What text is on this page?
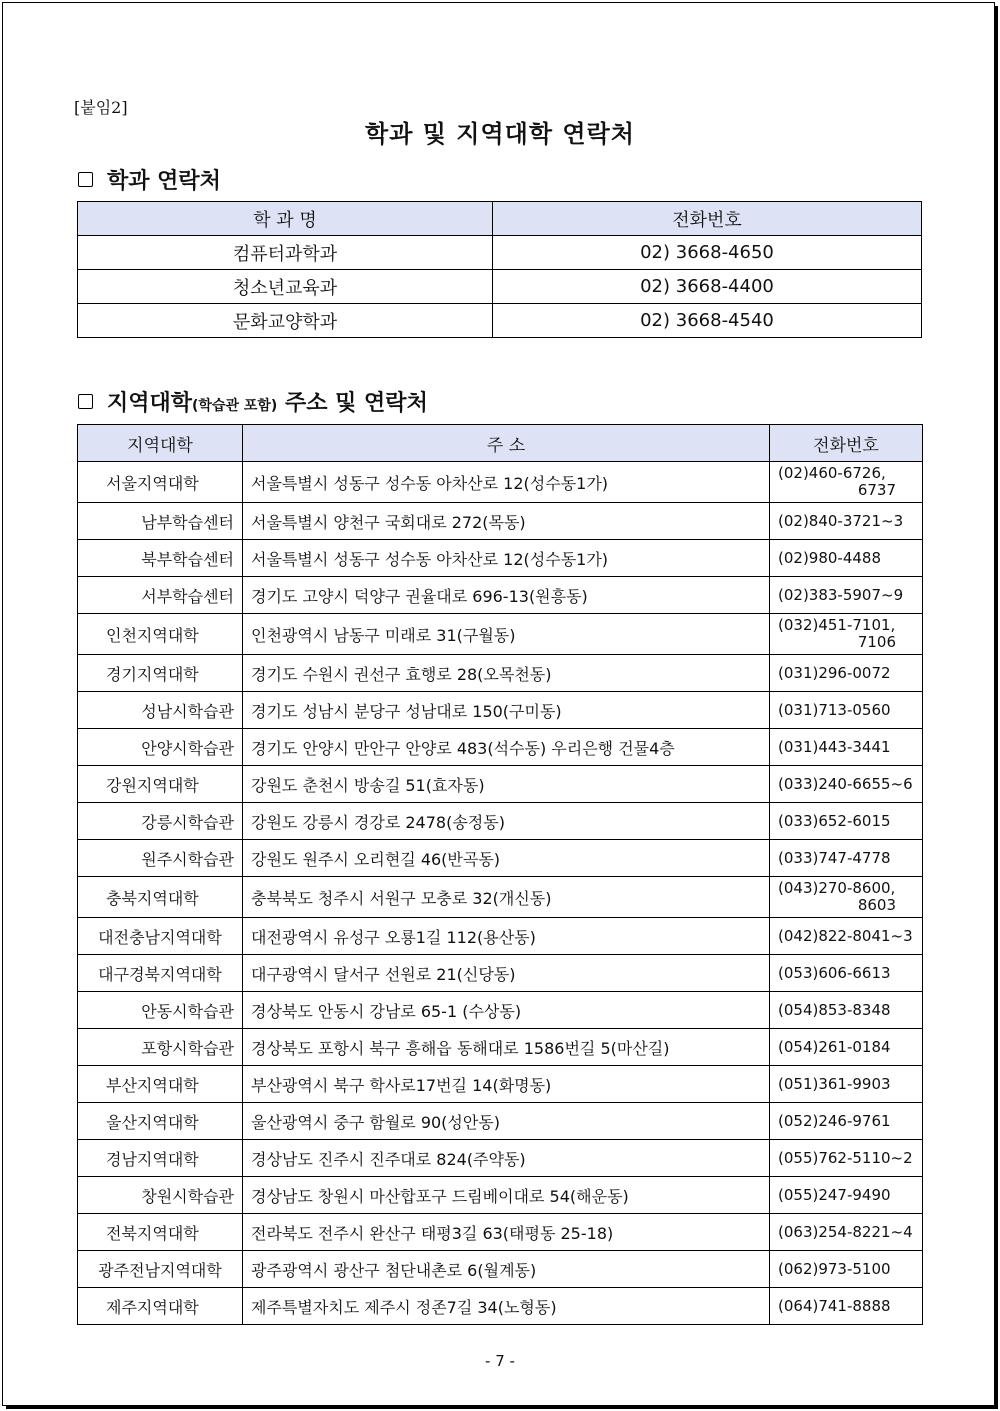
[붙임2]
학과 및 지역대학 연락처
학과 연락처
학 과 명	전화번호
컴퓨터과학과	02) 3668-4650
청소년교육과	02) 3668-4400
문화교양학과	02) 3668-4540
지역대학(학습관 포함) 주소 및 연락처
지역대학	주 소	전화번호
서울지역대학	서울특별시 성동구 성수동 아차산로 12(성수동1가)	(02)460-6726,
6737

남부학습센터	서울특별시 양천구 국회대로 272(목동)	(02)840-3721~3
북부학습센터	서울특별시 성동구 성수동 아차산로 12(성수동1가)	(02)980-4488
서부학습센터	경기도 고양시 덕양구 권율대로 696-13(원흥동)	(02)383-5907~9
인천지역대학	인천광역시 남동구 미래로 31(구월동)	(032)451-7101,
7106

경기지역대학	경기도 수원시 권선구 효행로 28(오목천동)	(031)296-0072
성남시학습관	경기도 성남시 분당구 성남대로 150(구미동)	(031)713-0560
안양시학습관	경기도 안양시 만안구 안양로 483(석수동) 우리은행 건물4층	(031)443-3441
강원지역대학	강원도 춘천시 방송길 51(효자동)	(033)240-6655~6
강릉시학습관	강원도 강릉시 경강로 2478(송정동)	(033)652-6015
원주시학습관	강원도 원주시 오리현길 46(반곡동)	(033)747-4778
충북지역대학	충북북도 청주시 서원구 모충로 32(개신동)	(043)270-8600,
8603

대전충남지역대학	대전광역시 유성구 오룡1길 112(용산동)	(042)822-8041~3
대구경북지역대학	대구광역시 달서구 선원로 21(신당동)	(053)606-6613
안동시학습관	경상북도 안동시 강남로 65-1 (수상동)	(054)853-8348
포항시학습관	경상북도 포항시 북구 흥해읍 동해대로 1586번길 5(마산길)	(054)261-0184
부산지역대학	부산광역시 북구 학사로17번길 14(화명동)	(051)361-9903
울산지역대학	울산광역시 중구 함월로 90(성안동)	(052)246-9761
경남지역대학	경상남도 진주시 진주대로 824(주약동)	(055)762-5110~2
창원시학습관	경상남도 창원시 마산합포구 드림베이대로 54(해운동)	(055)247-9490
전북지역대학	전라북도 전주시 완산구 태평3길 63(태평동 25-18)	(063)254-8221~4
광주전남지역대학	광주광역시 광산구 첨단내촌로 6(월계동)	(062)973-5100
제주지역대학	제주특별자치도 제주시 정존7길 34(노형동)	(064)741-8888
- 7 -
